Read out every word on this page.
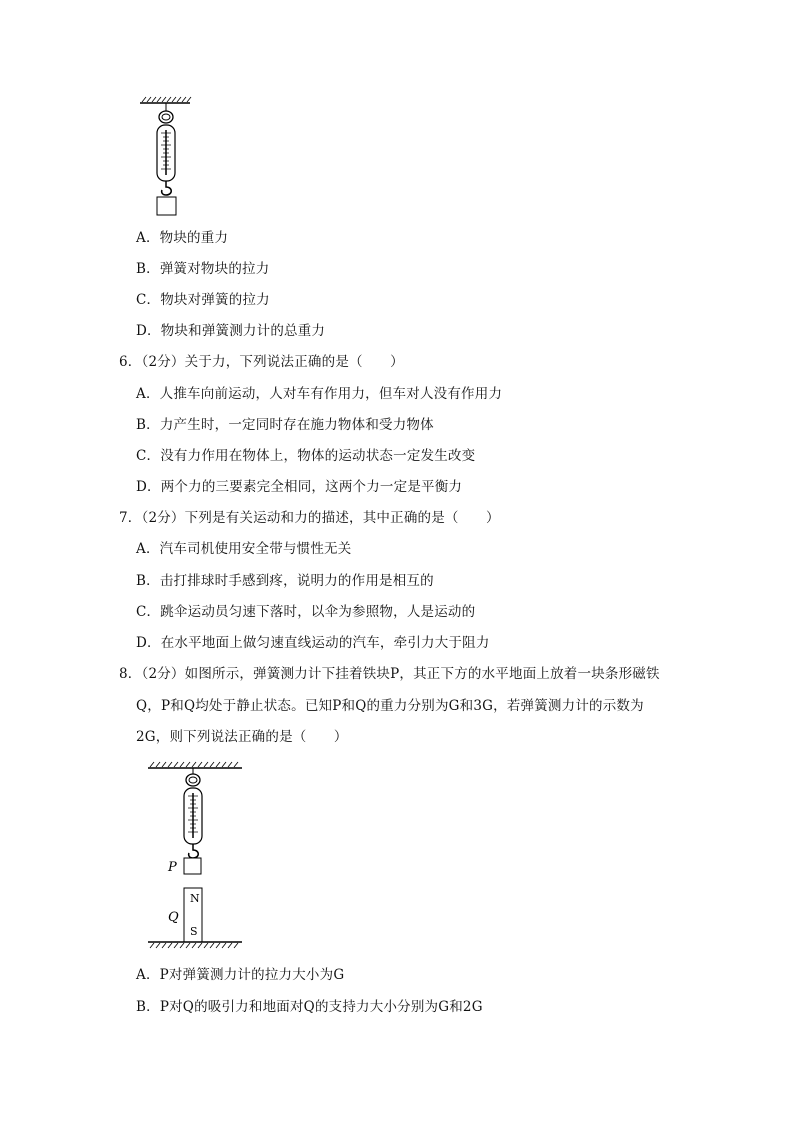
A．物块的重力
B．弹簧对物块的拉力
C．物块对弹簧的拉力
D．物块和弹簧测力计的总重力
6．（2分）关于力，下列说法正确的是（　　）
A．人推车向前运动，人对车有作用力，但车对人没有作用力
B．力产生时，一定同时存在施力物体和受力物体
C．没有力作用在物体上，物体的运动状态一定发生改变
D．两个力的三要素完全相同，这两个力一定是平衡力
7．（2分）下列是有关运动和力的描述，其中正确的是（　　）
A．汽车司机使用安全带与惯性无关
B．击打排球时手感到疼，说明力的作用是相互的
C．跳伞运动员匀速下落时，以伞为参照物，人是运动的
D．在水平地面上做匀速直线运动的汽车，牵引力大于阻力
8．（2分）如图所示，弹簧测力计下挂着铁块P，其正下方的水平地面上放着一块条形磁铁
Q，P和Q均处于静止状态。已知P和Q的重力分别为G和3G，若弹簧测力计的示数为
2G，则下列说法正确的是（　　）
P
N
S
Q
A．P对弹簧测力计的拉力大小为G
B．P对Q的吸引力和地面对Q的支持力大小分别为G和2G
